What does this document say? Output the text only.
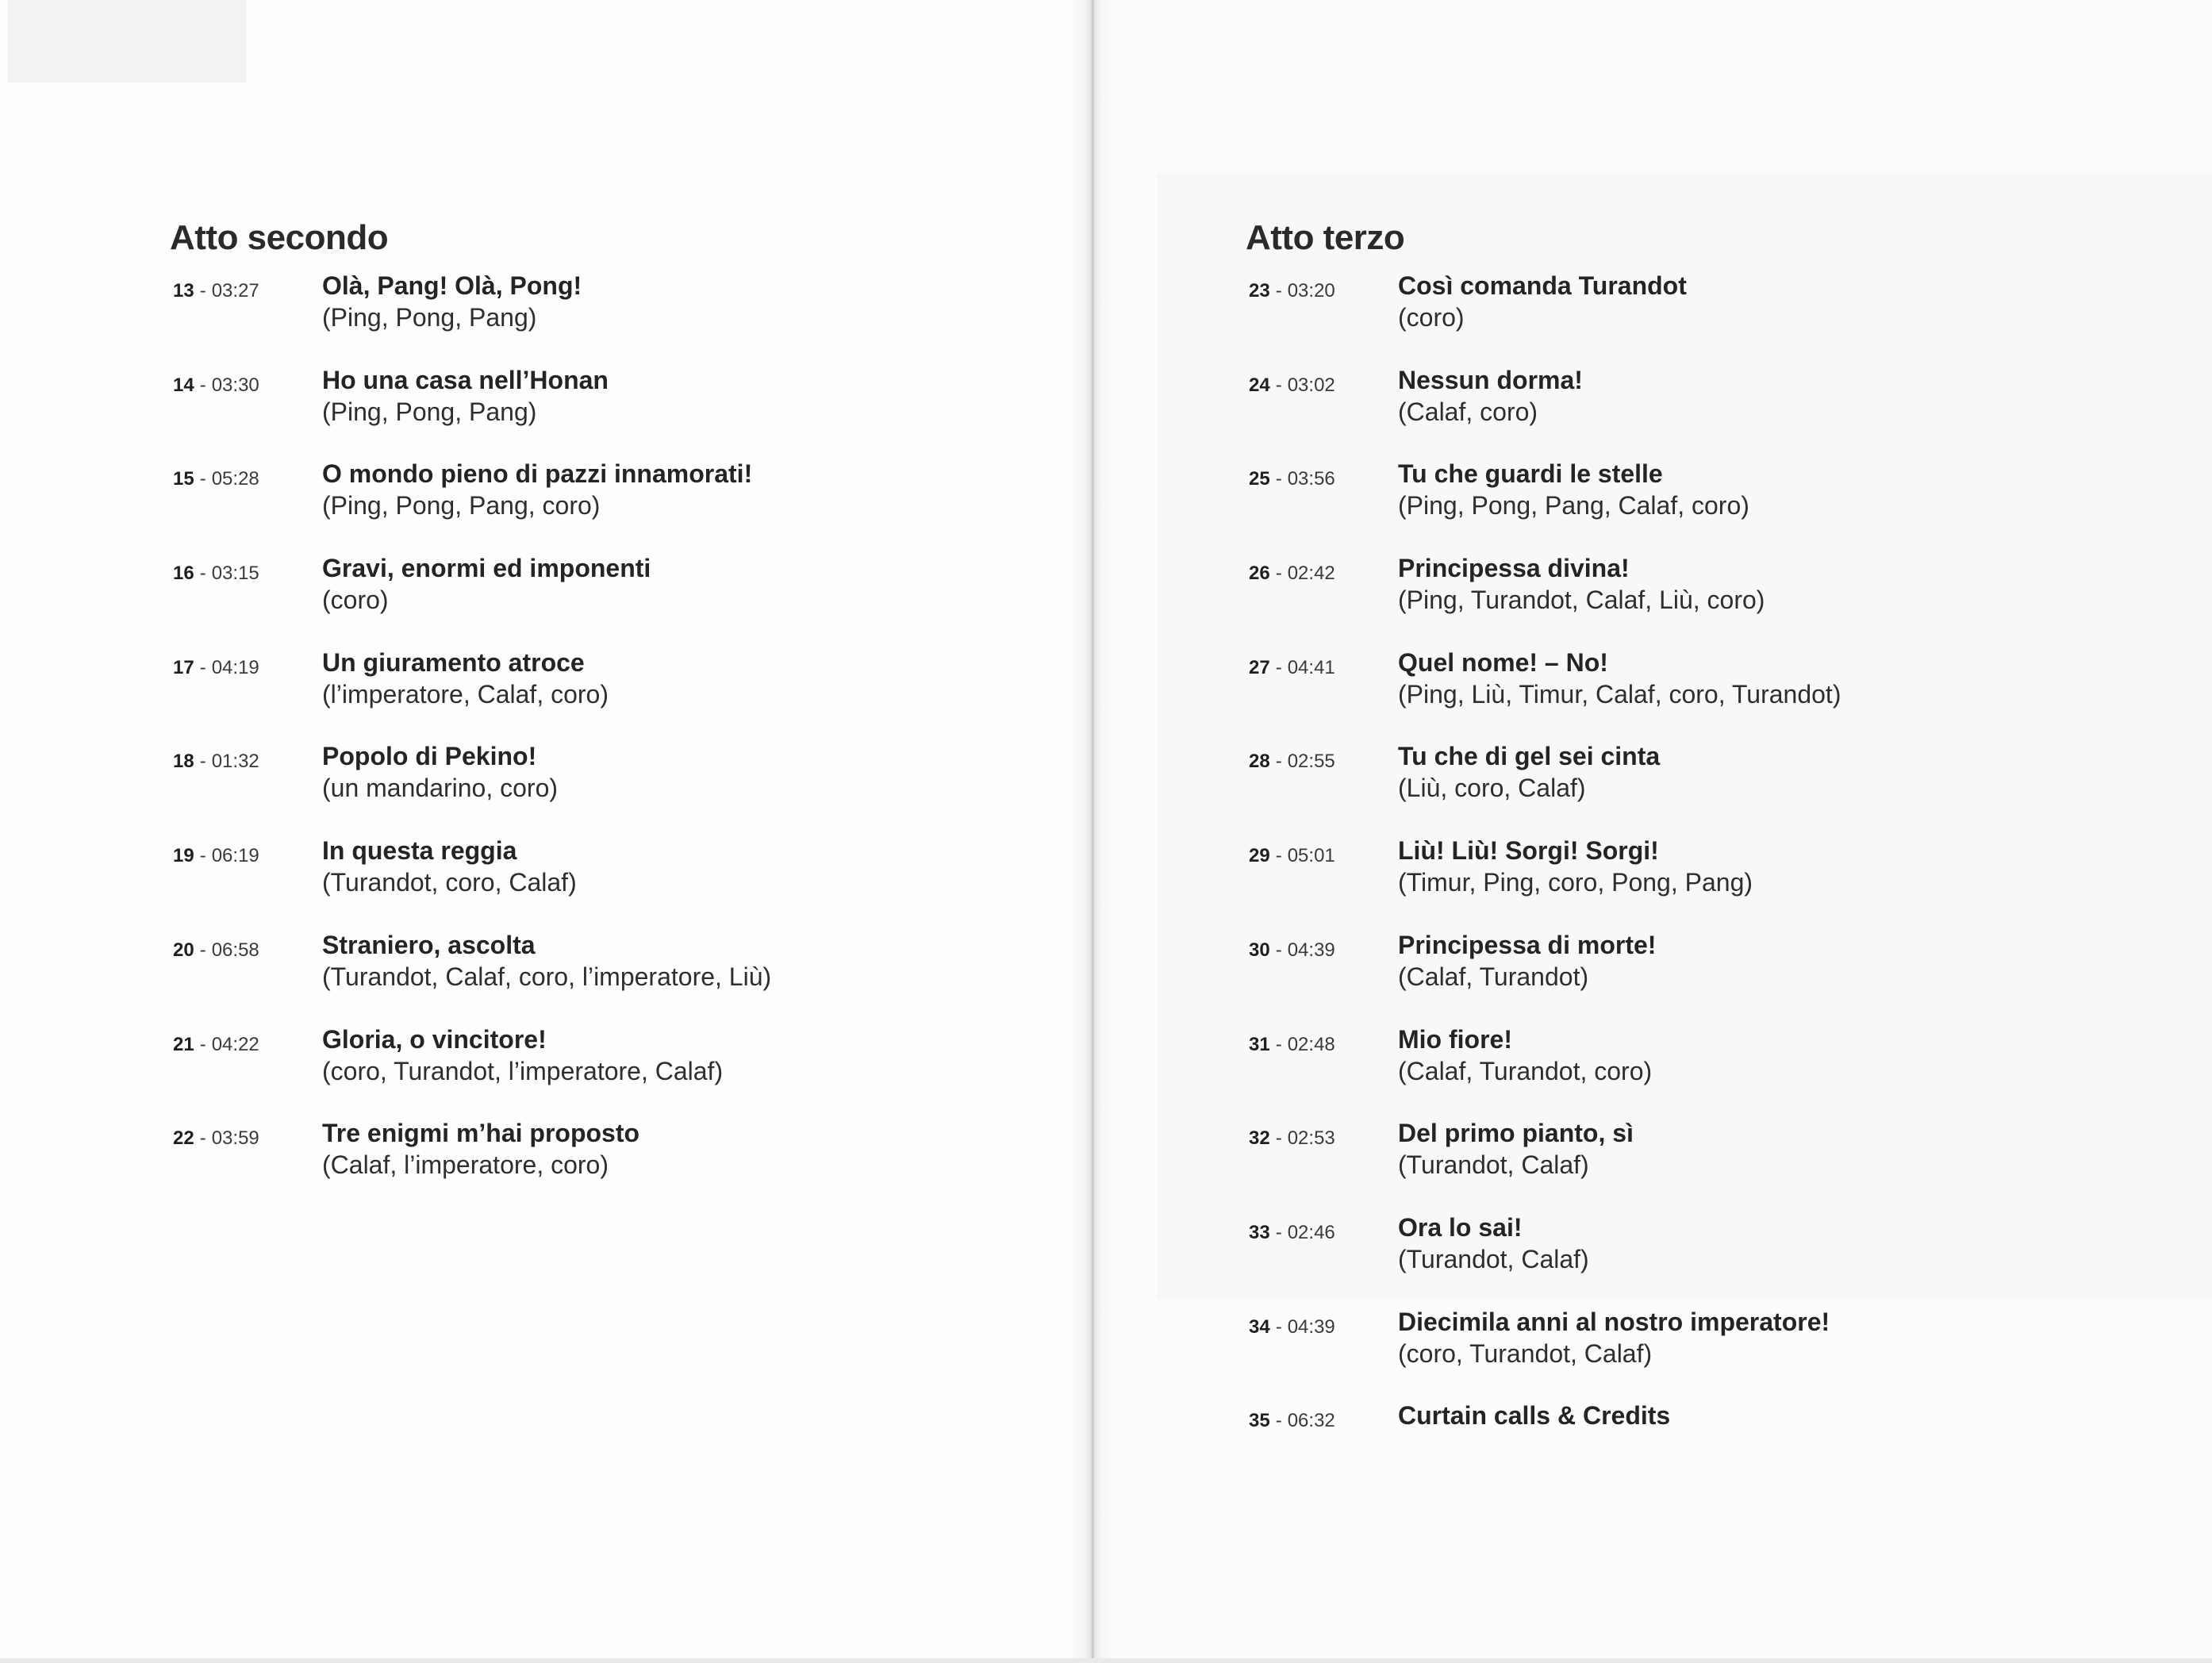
Atto secondo
13 - 03:27 Olà, Pang! Olà, Pong!
(Ping, Pong, Pang)
14 - 03:30 Ho una casa nell’Honan
(Ping, Pong, Pang)
15 - 05:28 O mondo pieno di pazzi innamorati!
(Ping, Pong, Pang, coro)
16 - 03:15 Gravi, enormi ed imponenti
(coro)
17 - 04:19 Un giuramento atroce
(l’imperatore, Calaf, coro)
18 - 01:32 Popolo di Pekino!
(un mandarino, coro)
19 - 06:19 In questa reggia
(Turandot, coro, Calaf)
20 - 06:58 Straniero, ascolta
(Turandot, Calaf, coro, l’imperatore, Liù)
21 - 04:22 Gloria, o vincitore!
(coro, Turandot, l’imperatore, Calaf)
22 - 03:59 Tre enigmi m’hai proposto
(Calaf, l’imperatore, coro)
Atto terzo
23 - 03:20 Così comanda Turandot
(coro)
24 - 03:02 Nessun dorma!
(Calaf, coro)
25 - 03:56 Tu che guardi le stelle
(Ping, Pong, Pang, Calaf, coro)
26 - 02:42 Principessa divina!
(Ping, Turandot, Calaf, Liù, coro)
27 - 04:41 Quel nome! – No!
(Ping, Liù, Timur, Calaf, coro, Turandot)
28 - 02:55 Tu che di gel sei cinta
(Liù, coro, Calaf)
29 - 05:01 Liù! Liù! Sorgi! Sorgi!
(Timur, Ping, coro, Pong, Pang)
30 - 04:39 Principessa di morte!
(Calaf, Turandot)
31 - 02:48 Mio fiore!
(Calaf, Turandot, coro)
32 - 02:53 Del primo pianto, sì
(Turandot, Calaf)
33 - 02:46 Ora lo sai!
(Turandot, Calaf)
34 - 04:39 Diecimila anni al nostro imperatore!
(coro, Turandot, Calaf)
35 - 06:32 Curtain calls & Credits
